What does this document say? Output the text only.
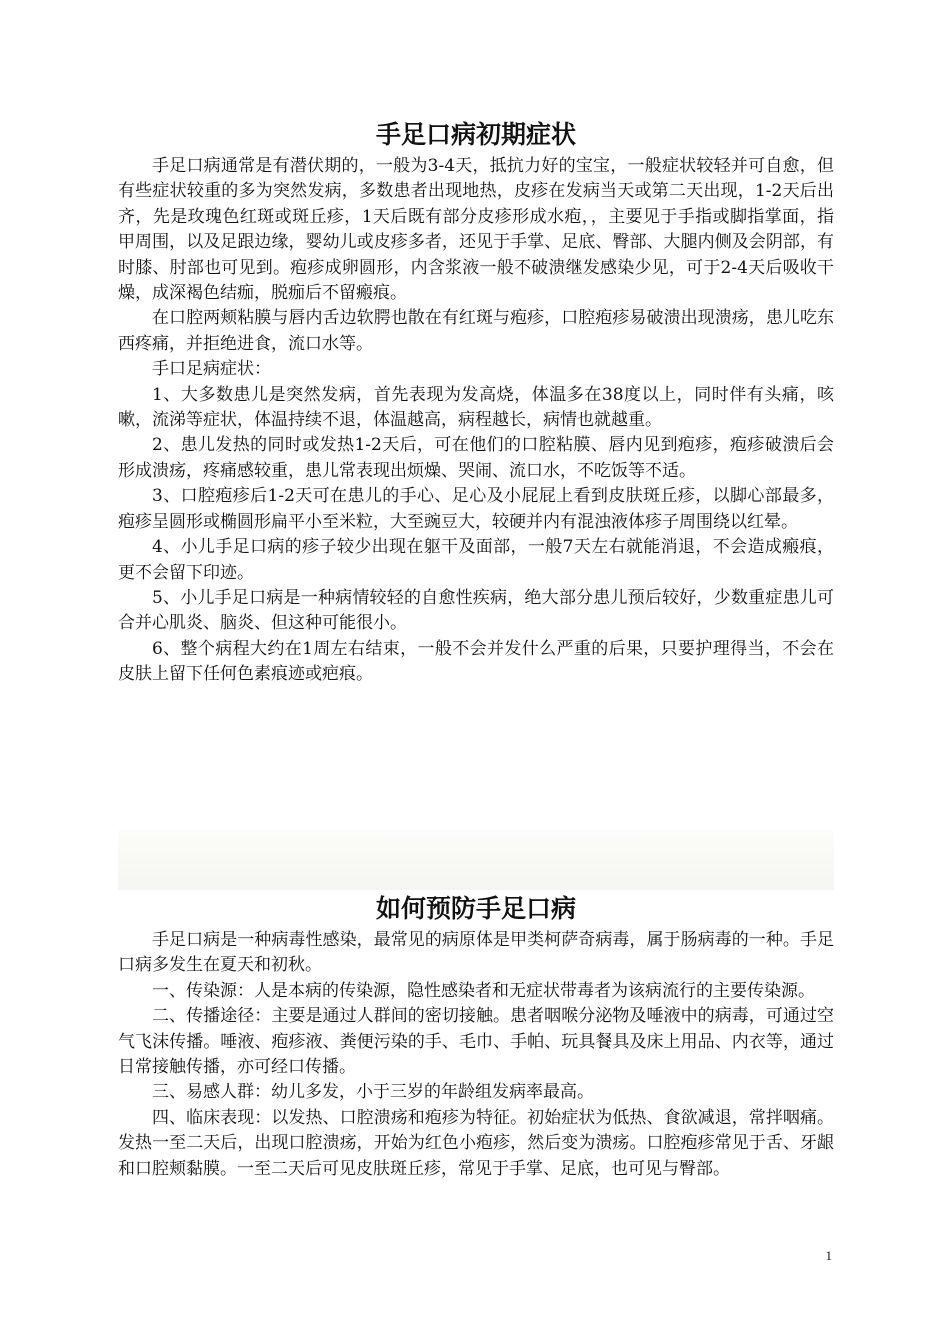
手足口病初期症状

手足口病通常是有潜伏期的，一般为3-4天，抵抗力好的宝宝，一般症状较轻并可自愈，但有些症状较重的多为突然发病，多数患者出现地热，皮疹在发病当天或第二天出现，1-2天后出齐，先是玫瑰色红斑或斑丘疹，1天后既有部分皮疹形成水疱，，主要见于手指或脚指掌面，指甲周围，以及足跟边缘，婴幼儿或皮疹多者，还见于手掌、足底、臀部、大腿内侧及会阴部，有时膝、肘部也可见到。疱疹成卵圆形，内含浆液一般不破溃继发感染少见，可于2-4天后吸收干燥，成深褐色结痂，脱痂后不留瘢痕。

在口腔两颊粘膜与唇内舌边软腭也散在有红斑与疱疹，口腔疱疹易破溃出现溃疡，患儿吃东西疼痛，并拒绝进食，流口水等。

手口足病症状：

1、大多数患儿是突然发病，首先表现为发高烧，体温多在38度以上，同时伴有头痛，咳嗽，流涕等症状，体温持续不退，体温越高，病程越长，病情也就越重。

2、患儿发热的同时或发热1-2天后，可在他们的口腔粘膜、唇内见到疱疹，疱疹破溃后会形成溃疡，疼痛感较重，患儿常表现出烦燥、哭闹、流口水，不吃饭等不适。

3、口腔疱疹后1-2天可在患儿的手心、足心及小屁屁上看到皮肤斑丘疹，以脚心部最多，疱疹呈圆形或椭圆形扁平小至米粒，大至豌豆大，较硬并内有混浊液体疹子周围绕以红晕。

4、小儿手足口病的疹子较少出现在躯干及面部，一般7天左右就能消退，不会造成瘢痕，更不会留下印迹。

5、小儿手足口病是一种病情较轻的自愈性疾病，绝大部分患儿预后较好，少数重症患儿可合并心肌炎、脑炎、但这种可能很小。

6、整个病程大约在1周左右结束，一般不会并发什么严重的后果，只要护理得当，不会在皮肤上留下任何色素痕迹或疤痕。

如何预防手足口病

手足口病是一种病毒性感染，最常见的病原体是甲类柯萨奇病毒，属于肠病毒的一种。手足口病多发生在夏天和初秋。

一、传染源：人是本病的传染源，隐性感染者和无症状带毒者为该病流行的主要传染源。

二、传播途径：主要是通过人群间的密切接触。患者咽喉分泌物及唾液中的病毒，可通过空气飞沫传播。唾液、疱疹液、粪便污染的手、毛巾、手帕、玩具餐具及床上用品、内衣等，通过日常接触传播，亦可经口传播。

三、易感人群：幼儿多发，小于三岁的年龄组发病率最高。

四、临床表现：以发热、口腔溃疡和疱疹为特征。初始症状为低热、食欲减退，常拌咽痛。发热一至二天后，出现口腔溃疡，开始为红色小疱疹，然后变为溃疡。口腔疱疹常见于舌、牙龈和口腔颊黏膜。一至二天后可见皮肤斑丘疹，常见于手掌、足底，也可见与臀部。

1
